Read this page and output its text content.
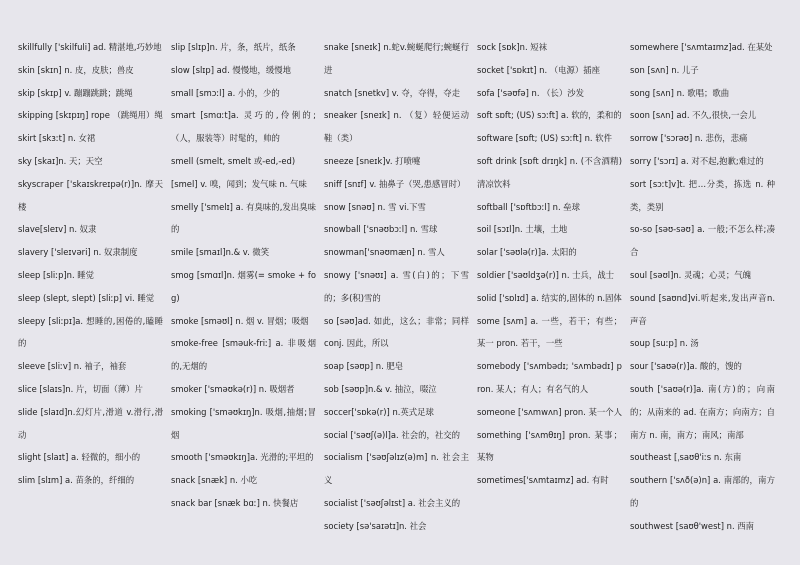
skillfully ['skilfuli] ad. 精湛地,巧妙地
skin [skɪn] n. 皮，皮肤；兽皮
skip [skɪp] v. 蹦蹦跳跳；跳绳
skipping [skɪpɪŋ] rope （跳绳用）绳
skirt [skɜːt] n. 女裙
sky [skaɪ]n. 天；天空
skyscraper ['skaɪskreɪpə(r)]n. 摩天楼
slave[sleɪv] n. 奴隶
slavery ['sleɪvəri] n. 奴隶制度
sleep [sliːp]n. 睡觉
sleep (slept, slept) [sliːp] vi. 睡觉
sleepy [sliːpɪ]a. 想睡的,困倦的,瞌睡的
sleeve [sliːv] n. 袖子，袖套
slice [slaɪs]n. 片，切面（薄）片
slide [slaɪd]n.幻灯片,滑道 v.滑行,滑动
slight [slaɪt] a. 轻微的，细小的
slim [slɪm] a. 苗条的，纤细的
slip [slɪp]n. 片，条，纸片，纸条
slow [slɪp] ad. 慢慢地，缓慢地
small [smɔːl] a. 小的，少的
smart [smɑːt]a. 灵巧的,伶俐的;（人，服装等）时髦的，帅的
smell (smelt, smelt 或-ed,-ed)
[smel] v. 嗅，闻到；发气味 n. 气味
smelly ['smelɪ] a. 有臭味的,发出臭味的
smile [smaɪl]n.& v. 微笑
smog [smɑɪl]n. 烟雾(= smoke + fog)
smoke [sməʊl] n. 烟 v. 冒烟；吸烟
smoke-free [sməuk-friː] a. 非吸烟的,无烟的
smoker ['sməʊkə(r)] n. 吸烟者
smoking ['sməʊkɪŋ]n. 吸烟,抽烟;冒烟
smooth ['sməʊkɪŋ]a. 光滑的;平坦的
snack [snæk] n. 小吃
snack bar [snæk bɑː] n. 快餐店
snake [sneɪk] n.蛇v.蜿蜒爬行;蜿蜒行进
snatch [snetkv] v. 夺，夺得，夺走
sneaker [sneɪk] n. （复）轻便运动鞋（类）
sneeze [sneɪk]v. 打喷嚏
sniff [snɪf] v. 抽鼻子（哭,患感冒时）
snow [snəʊ] n. 雪 vi.下雪
snowball ['snəʊbɔːl] n. 雪球
snowman['snəʊmæn] n. 雪人
snowy ['snəʊɪ] a. 雪(白)的；下雪的；多(积)雪的
so [səʊ]ad. 如此，这么；非常；同样 conj. 因此，所以
soap [səʊp] n. 肥皂
sob [səʊp]n.& v. 抽泣，啜泣
soccer['sɒkə(r)] n.英式足球
social ['səʊʃ(ə)l]a. 社会的，社交的
socialism ['səʊʃəlɪz(ə)m] n. 社会主义
socialist ['səʊʃəlɪst] a. 社会主义的
society [sə'saɪətɪ]n. 社会
sock [sɒk]n. 短袜
socket ['sɒkɪt] n. （电源）插座
sofa ['səʊfə] n. （长）沙发
soft sɒft; (US) sɔːft] a. 软的，柔和的
software [sɒft; (US) sɔːft] n. 软件
soft drink [sɒft drɪŋk] n. (不含酒精)清凉饮料
softball ['sɒftbɔːl] n. 垒球
soil [sɔɪl]n. 土壤，土地
solar ['səʊlə(r)]a. 太阳的
soldier ['səʊldʒə(r)] n. 士兵，战士
solid ['sɒlɪd] a. 结实的,固体的 n.固体
some [sʌm] a. 一些，若干；有些；某一 pron. 若干，一些
somebody ['sʌmbədɪ; 'sʌmbədɪ] pron. 某人；有人；有名气的人
someone ['sʌmwʌn] pron. 某一个人
something ['sʌmθɪŋ] pron. 某事；某物
sometimes['sʌmtaɪmz] ad. 有时
somewhere ['sʌmtaɪmz]ad. 在某处
son [sʌn] n. 儿子
song [sʌn] n. 歌唱；歌曲
soon [sʌn] ad. 不久,很快,一会儿
sorrow ['sɔrəʊ] n. 悲伤，悲痛
sorry ['sɔrɪ] a. 对不起,抱歉;难过的
sort [sɔːt]v]t. 把…分类，拣选 n. 种类，类别
so-so [səʊ-səʊ] a. 一般;不怎么样;凑合
soul [səʊl]n. 灵魂；心灵；气魄
sound [saʊnd]vi.听起来,发出声音n. 声音
soup [suːp] n. 汤
sour ['saʊə(r)]a. 酸的，馊的
south ['saʊə(r)]a. 南(方)的；向南的；从南来的 ad. 在南方；向南方；自南方 n. 南，南方；南风；南部
southeast [ˌsaʊθ'iːs n. 东南
southern ['sʌð(ə)n] a. 南部的，南方的
southwest [saʊθ'west] n. 西南
